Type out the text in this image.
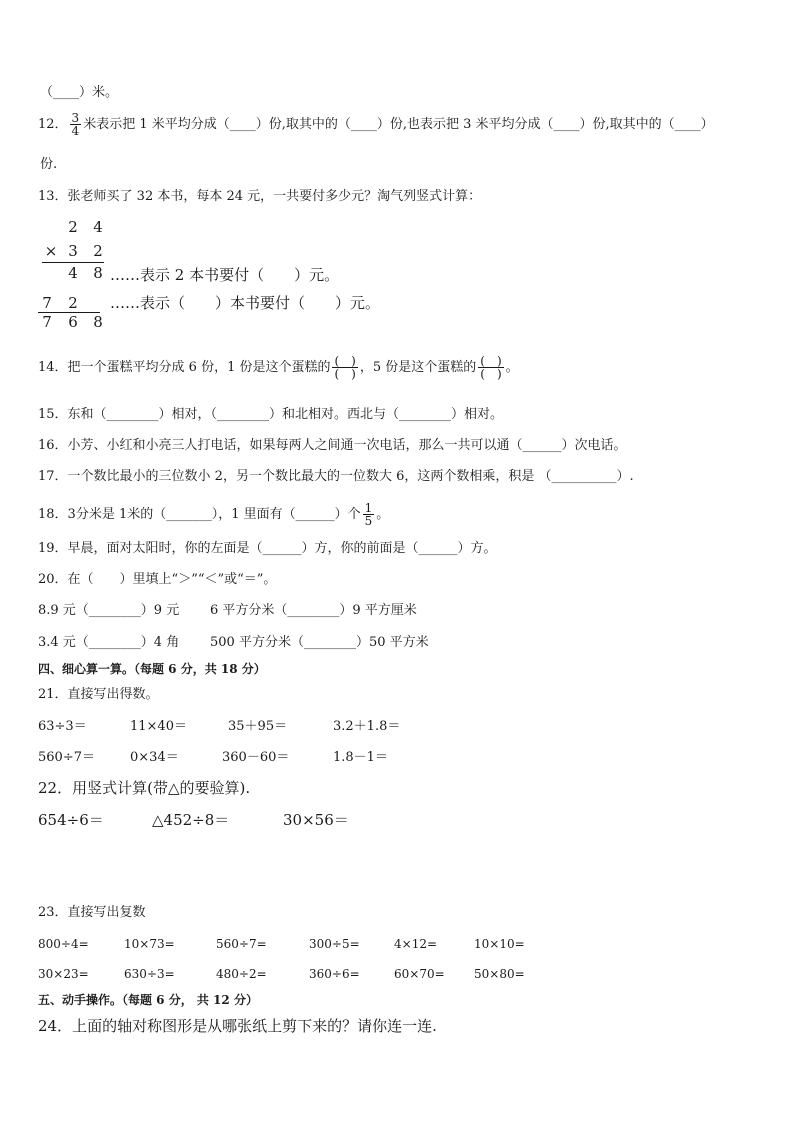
（____）米。
12． $\frac{3}{4}$ 米表示把 1 米平均分成（____）份,取其中的（____）份,也表示把 3 米平均分成（____）份,取其中的（____）
份.
13．张老师买了 32 本书，每本 24 元，一共要付多少元？淘气列竖式计算：
2 4
× 3 2
4 8 ……表示 2 本书要付（　　）元。
7 2 ……表示（　　）本书要付（　　）元。
7 6 8
14．把一个蛋糕平均分成 6 份，1 份是这个蛋糕的 $\frac{( )}{( )}$ ，5 份是这个蛋糕的 $\frac{( )}{( )}$ 。
15．东和（________）相对，（________）和北相对。西北与（________）相对。
16．小芳、小红和小亮三人打电话，如果每两人之间通一次电话，那么一共可以通（______）次电话。
17．一个数比最小的三位数小 2，另一个数比最大的一位数大 6，这两个数相乘，积是 （__________）.
18．3分米是 1米的（_______），1 里面有（______）个 $\frac{1}{5}$ 。
19．早晨，面对太阳时，你的左面是（______）方，你的前面是（______）方。
20．在（　　）里填上“＞”“＜”或“＝”。
8.9 元（________）9 元 6 平方分米（________）9 平方厘米
3.4 元（________）4 角 500 平方分米（________）50 平方米
四、细心算一算。（每题 6 分，共 18 分）
21．直接写出得数。
63÷3＝	11×40＝	35＋95＝	3.2＋1.8＝
560÷7＝	0×34＝	360－60＝	1.8－1＝
22．用竖式计算(带△的要验算).
654÷6＝	△452÷8＝	30×56＝
23．直接写出复数
800÷4=	10×73=	560÷7=	300÷5=	4×12=	10×10=
30×23=	630÷3=	480÷2=	360÷6=	60×70= 50×80=
五、动手操作。（每题 6 分， 共 12 分）
24．上面的轴对称图形是从哪张纸上剪下来的？请你连一连.
